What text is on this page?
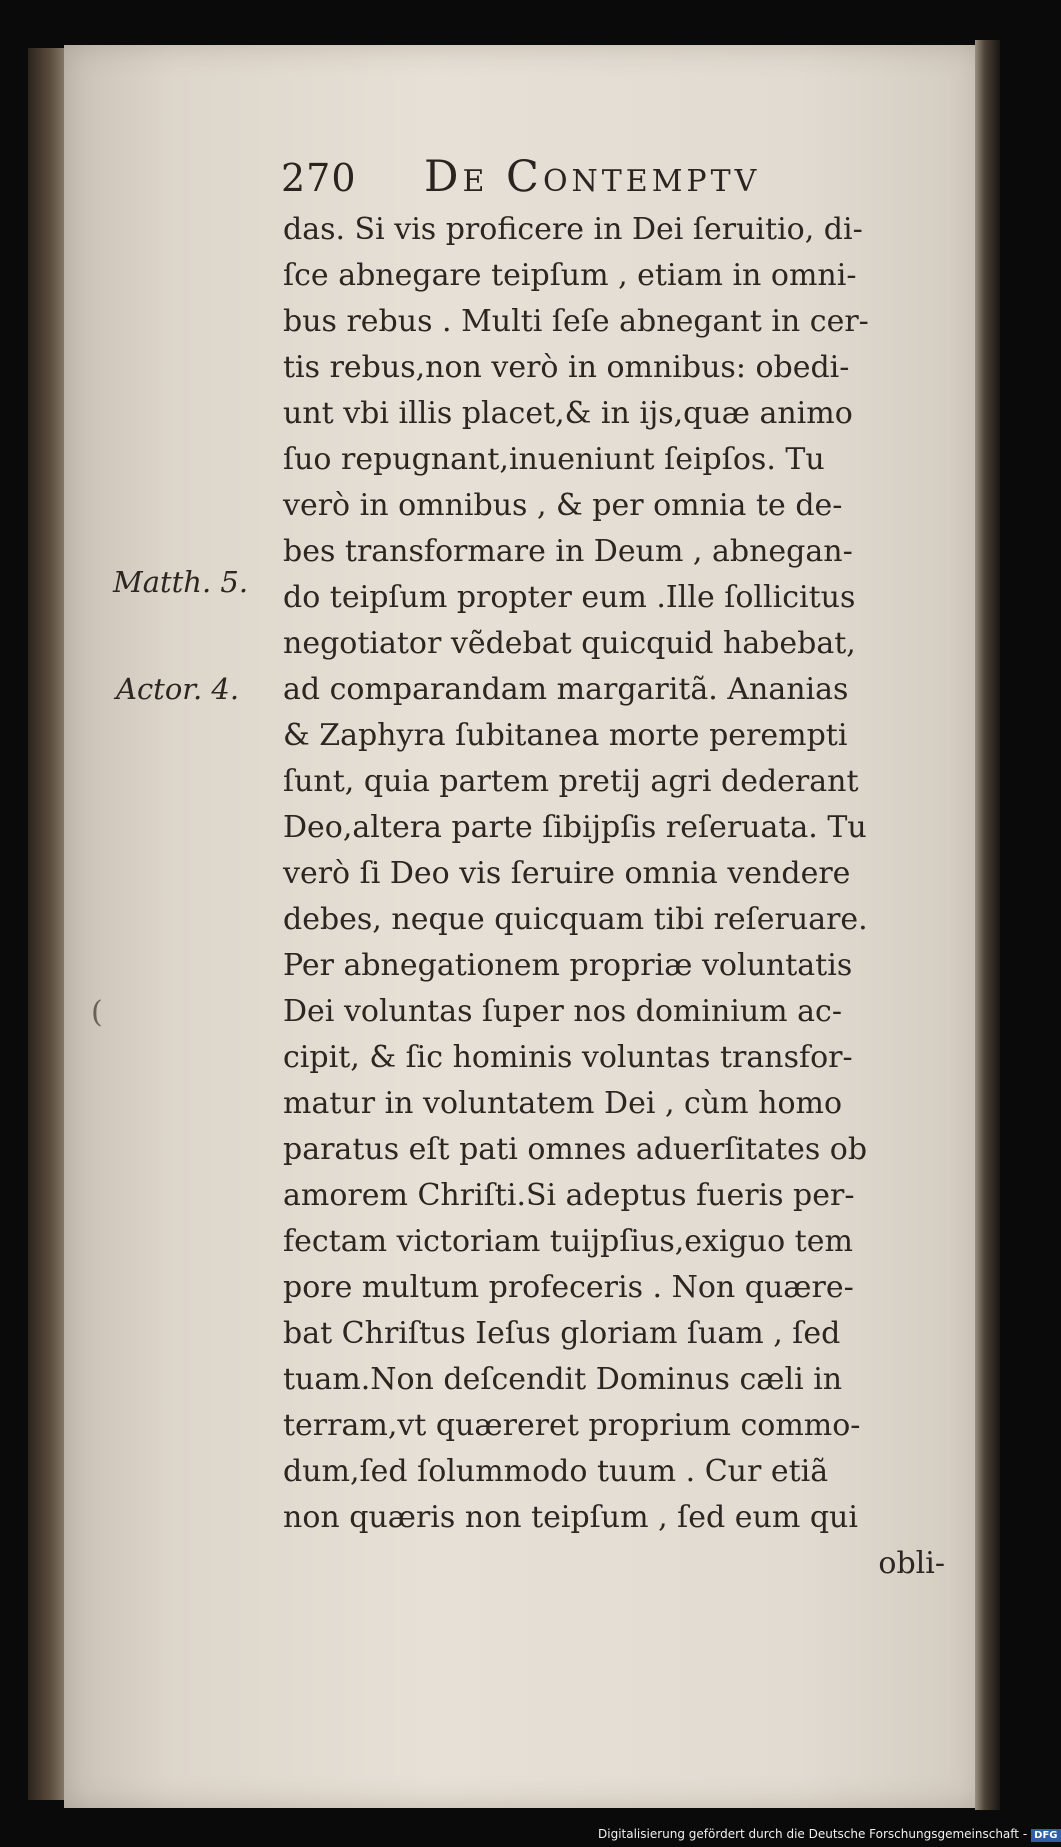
270 De Contemptv
Matth. 5.
Actor. 4.
(
das. Si vis proficere in Dei ſeruitio, di-
ſce abnegare teipſum , etiam in omni-
bus rebus . Multi ſeſe abnegant in cer-
tis rebus,non verò in omnibus: obedi-
unt vbi illis placet,& in ijs,quæ animo
ſuo repugnant,inueniunt ſeipſos. Tu
verò in omnibus , & per omnia te de-
bes transformare in Deum , abnegan-
do teipſum propter eum .Ille ſollicitus
negotiator vẽdebat quicquid habebat,
ad comparandam margaritã. Ananias
& Zaphyra ſubitanea morte perempti
ſunt, quia partem pretij agri dederant
Deo,altera parte ſibijpſis reſeruata. Tu
verò ſi Deo vis ſeruire omnia vendere
debes, neque quicquam tibi reſeruare.
Per abnegationem propriæ voluntatis
Dei voluntas ſuper nos dominium ac-
cipit, & ſic hominis voluntas transfor-
matur in voluntatem Dei , cùm homo
paratus eſt pati omnes aduerſitates ob
amorem Chriſti.Si adeptus fueris per-
fectam victoriam tuijpſius,exiguo tem
pore multum profeceris . Non quære-
bat Chriſtus Ieſus gloriam ſuam , ſed
tuam.Non deſcendit Dominus cæli in
terram,vt quæreret proprium commo-
dum,ſed ſolummodo tuum . Cur etiã
non quæris non teipſum , ſed eum qui
obli-
Digitalisierung gefördert durch die Deutsche Forschungsgemeinschaft - DFG
